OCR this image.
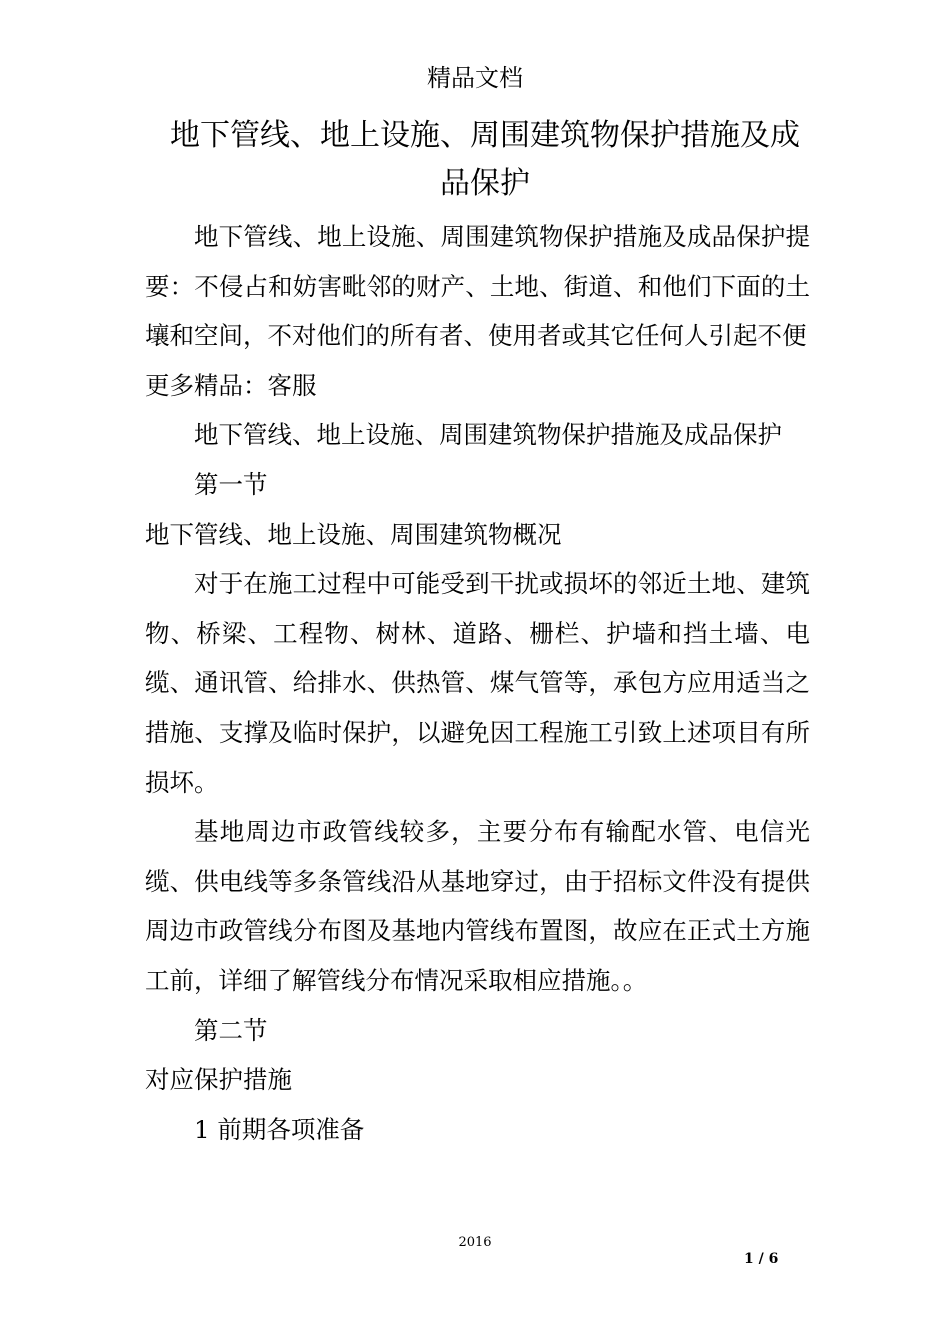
精品文档
地下管线、地上设施、周围建筑物保护措施及成品保护

地下管线、地上设施、周围建筑物保护措施及成品保护提要：不侵占和妨害毗邻的财产、土地、街道、和他们下面的土壤和空间，不对他们的所有者、使用者或其它任何人引起不便

更多精品：客服

地下管线、地上设施、周围建筑物保护措施及成品保护

第一节

地下管线、地上设施、周围建筑物概况

对于在施工过程中可能受到干扰或损坏的邻近土地、建筑物、桥梁、工程物、树林、道路、栅栏、护墙和挡土墙、电缆、通讯管、给排水、供热管、煤气管等，承包方应用适当之措施、支撑及临时保护，以避免因工程施工引致上述项目有所损坏。

基地周边市政管线较多，主要分布有输配水管、电信光缆、供电线等多条管线沿从基地穿过，由于招标文件没有提供周边市政管线分布图及基地内管线布置图，故应在正式土方施工前，详细了解管线分布情况采取相应措施。。

第二节

对应保护措施

1 前期各项准备

2016
1 / 6
